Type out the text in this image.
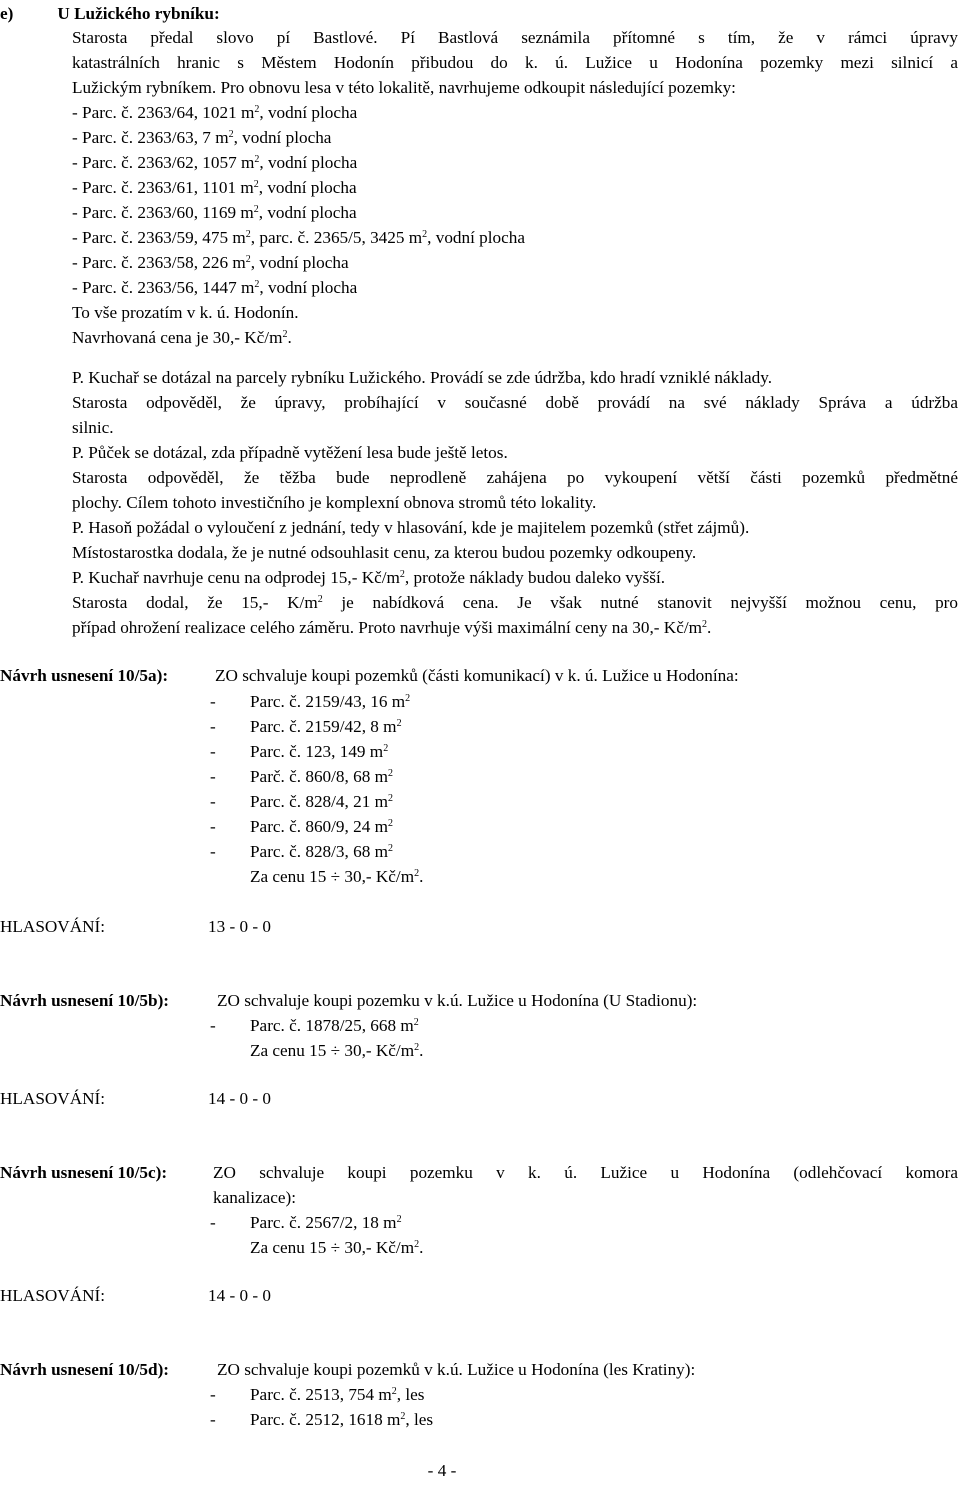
e)	U Lužického rybníku:
Starosta předal slovo pí Bastlové. Pí Bastlová seznámila přítomné s tím, že v rámci úpravy
katastrálních hranic s Městem Hodonín přibudou do k. ú. Lužice u Hodonína pozemky mezi silnicí a
Lužickým rybníkem. Pro obnovu lesa v této lokalitě, navrhujeme odkoupit následující pozemky:
- Parc. č. 2363/64, 1021 $m^2$, vodní plocha
- Parc. č. 2363/63, 7 $m^2$, vodní plocha
- Parc. č. 2363/62, 1057 $m^2$, vodní plocha
- Parc. č. 2363/61, 1101 $m^2$, vodní plocha
- Parc. č. 2363/60, 1169 $m^2$, vodní plocha
- Parc. č. 2363/59, 475 $m^2$, parc. č. 2365/5, 3425 $m^2$, vodní plocha
- Parc. č. 2363/58, 226 $m^2$, vodní plocha
- Parc. č. 2363/56, 1447 $m^2$, vodní plocha
To vše prozatím v k. ú. Hodonín.
Navrhovaná cena je 30,- $Kč/m^2$.
P. Kuchař se dotázal na parcely rybníku Lužického. Provádí se zde údržba, kdo hradí vzniklé náklady.
Starosta odpověděl, že úpravy, probíhající v současné době provádí na své náklady Správa a údržba
silnic.
P. Půček se dotázal, zda případně vytěžení lesa bude ještě letos.
Starosta odpověděl, že těžba bude neprodleně zahájena po vykoupení větší části pozemků předmětné
plochy. Cílem tohoto investičního je komplexní obnova stromů této lokality.
P. Hasoň požádal o vyloučení z jednání, tedy v hlasování, kde je majitelem pozemků (střet zájmů).
Místostarostka dodala, že je nutné odsouhlasit cenu, za kterou budou pozemky odkoupeny.
P. Kuchař navrhuje cenu na odprodej 15,- $Kč/m^2$, protože náklady budou daleko vyšší.
Starosta dodal, že 15,- $K/m^2$ je nabídková cena. Je však nutné stanovit nejvyšší možnou cenu, pro
případ ohrožení realizace celého záměru. Proto navrhuje výši maximální ceny na 30,- $Kč/m^2$.
Návrh usnesení 10/5a):	ZO schvaluje koupi pozemků (části komunikací) v k. ú. Lužice u Hodonína:
- Parc. č. 2159/43, 16 $m^2$
- Parc. č. 2159/42, 8 $m^2$
- Parc. č. 123, 149 $m^2$
- Parč. č. 860/8, 68 $m^2$
- Parc. č. 828/4, 21 $m^2$
- Parc. č. 860/9, 24 $m^2$
- Parc. č. 828/3, 68 $m^2$
Za cenu 15 ÷ 30,- $Kč/m^2$.
HLASOVÁNÍ:	13 - 0 - 0
Návrh usnesení 10/5b):	ZO schvaluje koupi pozemku v k.ú. Lužice u Hodonína (U Stadionu):
- Parc. č. 1878/25, 668 $m^2$
Za cenu 15 ÷ 30,- $Kč/m^2$.
HLASOVÁNÍ:	14 - 0 - 0
Návrh usnesení 10/5c):	ZO schvaluje koupi pozemku v k. ú. Lužice u Hodonína (odlehčovací komora
kanalizace):
- Parc. č. 2567/2, 18 $m^2$
Za cenu 15 ÷ 30,- $Kč/m^2$.
HLASOVÁNÍ:	14 - 0 - 0
Návrh usnesení 10/5d):	ZO schvaluje koupi pozemků v k.ú. Lužice u Hodonína (les Kratiny):
- Parc. č. 2513, 754 $m^2$, les
- Parc. č. 2512, 1618 $m^2$, les
- 4 -
